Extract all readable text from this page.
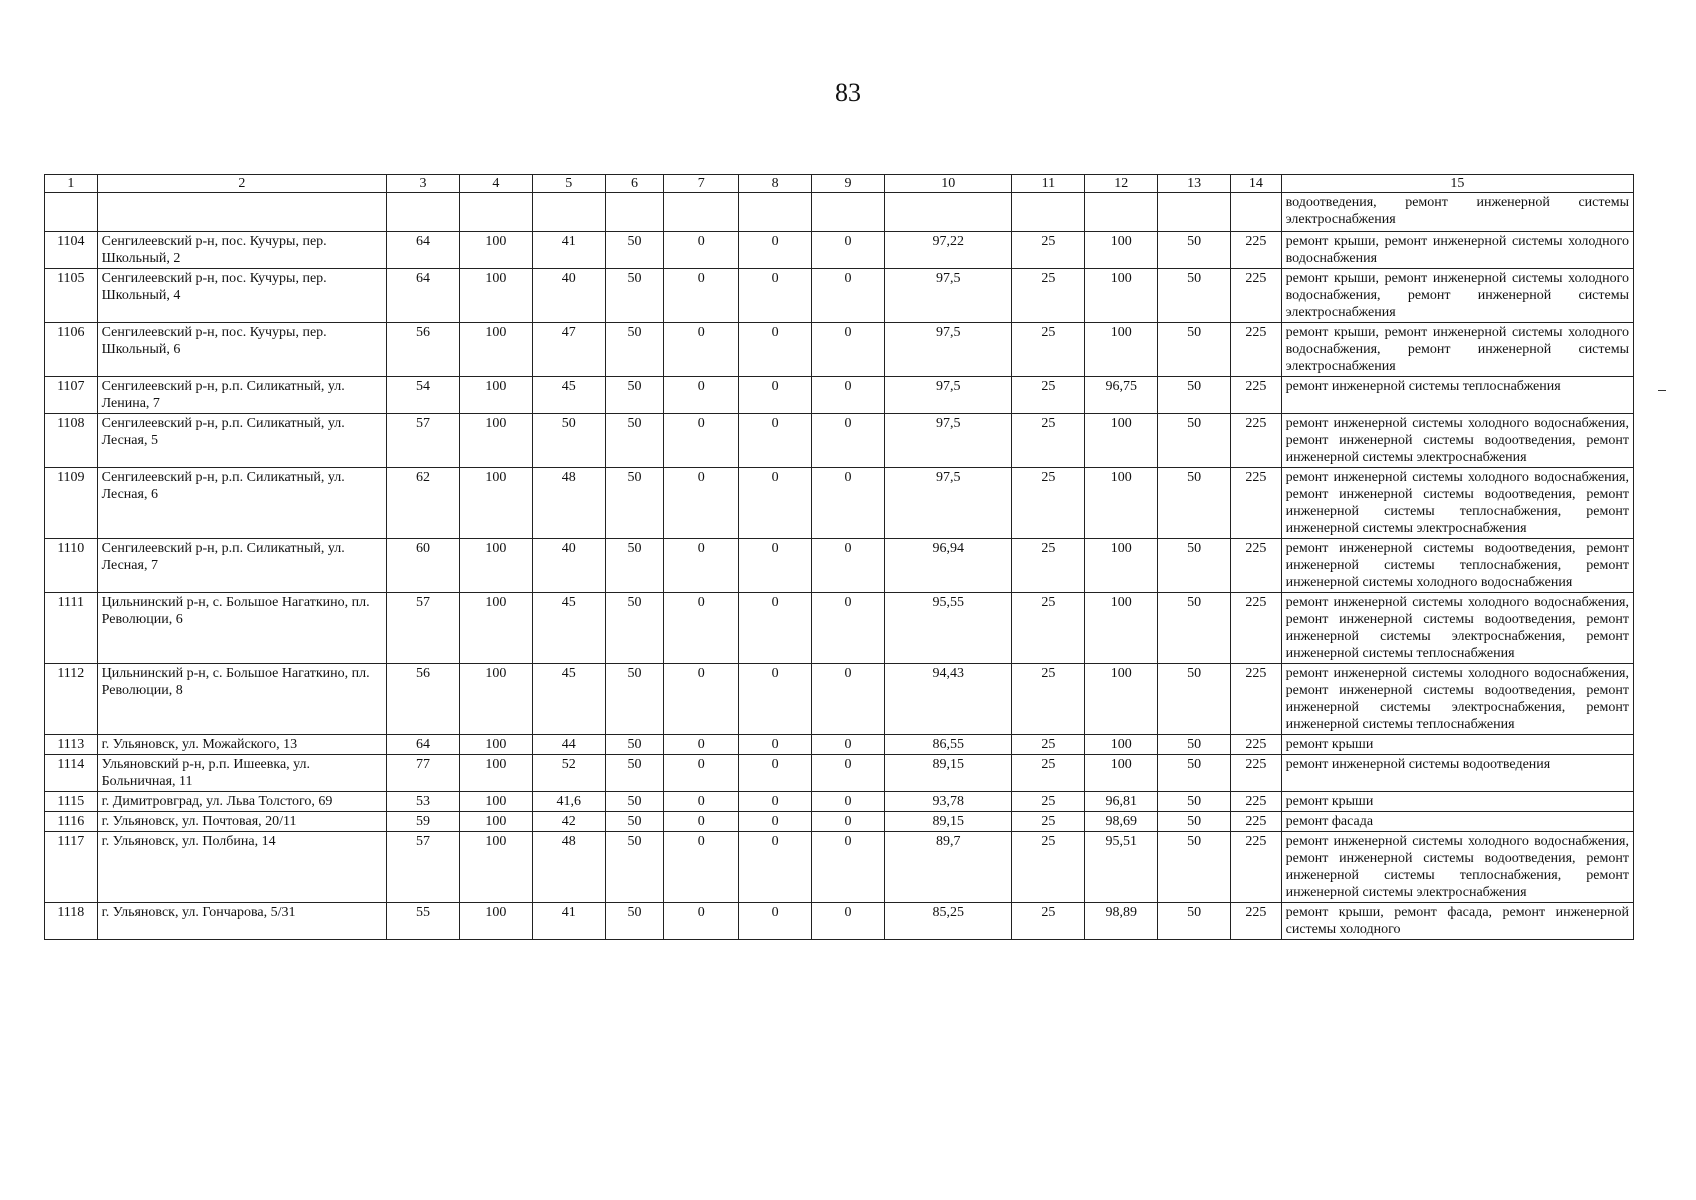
83
1	2	3	4	5	6	7	8	9	10	11	12	13	14	15
														водоотведения, ремонт инженерной системы электроснабжения
1104	Сенгилеевский р-н, пос. Кучуры, пер. Школьный, 2	64	100	41	50	0	0	0	97,22	25	100	50	225	ремонт крыши, ремонт инженерной системы холодного водоснабжения
1105	Сенгилеевский р-н, пос. Кучуры, пер. Школьный, 4	64	100	40	50	0	0	0	97,5	25	100	50	225	ремонт крыши, ремонт инженерной системы холодного водоснабжения, ремонт инженерной системы электроснабжения
1106	Сенгилеевский р-н, пос. Кучуры, пер. Школьный, 6	56	100	47	50	0	0	0	97,5	25	100	50	225	ремонт крыши, ремонт инженерной системы холодного водоснабжения, ремонт инженерной системы электроснабжения
1107	Сенгилеевский р-н, р.п. Силикатный, ул. Ленина, 7	54	100	45	50	0	0	0	97,5	25	96,75	50	225	ремонт инженерной системы теплоснабжения
1108	Сенгилеевский р-н, р.п. Силикатный, ул. Лесная, 5	57	100	50	50	0	0	0	97,5	25	100	50	225	ремонт инженерной системы холодного водоснабжения, ремонт инженерной системы водоотведения, ремонт инженерной системы электроснабжения
1109	Сенгилеевский р-н, р.п. Силикатный, ул. Лесная, 6	62	100	48	50	0	0	0	97,5	25	100	50	225	ремонт инженерной системы холодного водоснабжения, ремонт инженерной системы водоотведения, ремонт инженерной системы теплоснабжения, ремонт инженерной системы электроснабжения
1110	Сенгилеевский р-н, р.п. Силикатный, ул. Лесная, 7	60	100	40	50	0	0	0	96,94	25	100	50	225	ремонт инженерной системы водоотведения, ремонт инженерной системы теплоснабжения, ремонт инженерной системы холодного водоснабжения
1111	Цильнинский р-н, с. Большое Нагаткино, пл. Революции, 6	57	100	45	50	0	0	0	95,55	25	100	50	225	ремонт инженерной системы холодного водоснабжения, ремонт инженерной системы водоотведения, ремонт инженерной системы электроснабжения, ремонт инженерной системы теплоснабжения
1112	Цильнинский р-н, с. Большое Нагаткино, пл. Революции, 8	56	100	45	50	0	0	0	94,43	25	100	50	225	ремонт инженерной системы холодного водоснабжения, ремонт инженерной системы водоотведения, ремонт инженерной системы электроснабжения, ремонт инженерной системы теплоснабжения
1113	г. Ульяновск, ул. Можайского, 13	64	100	44	50	0	0	0	86,55	25	100	50	225	ремонт крыши
1114	Ульяновский р-н, р.п. Ишеевка, ул. Больничная, 11	77	100	52	50	0	0	0	89,15	25	100	50	225	ремонт инженерной системы водоотведения
1115	г. Димитровград, ул. Льва Толстого, 69	53	100	41,6	50	0	0	0	93,78	25	96,81	50	225	ремонт крыши
1116	г. Ульяновск, ул. Почтовая, 20/11	59	100	42	50	0	0	0	89,15	25	98,69	50	225	ремонт фасада
1117	г. Ульяновск, ул. Полбина, 14	57	100	48	50	0	0	0	89,7	25	95,51	50	225	ремонт инженерной системы холодного водоснабжения, ремонт инженерной системы водоотведения, ремонт инженерной системы теплоснабжения, ремонт инженерной системы электроснабжения
1118	г. Ульяновск, ул. Гончарова, 5/31	55	100	41	50	0	0	0	85,25	25	98,89	50	225	ремонт крыши, ремонт фасада, ремонт инженерной системы холодного
